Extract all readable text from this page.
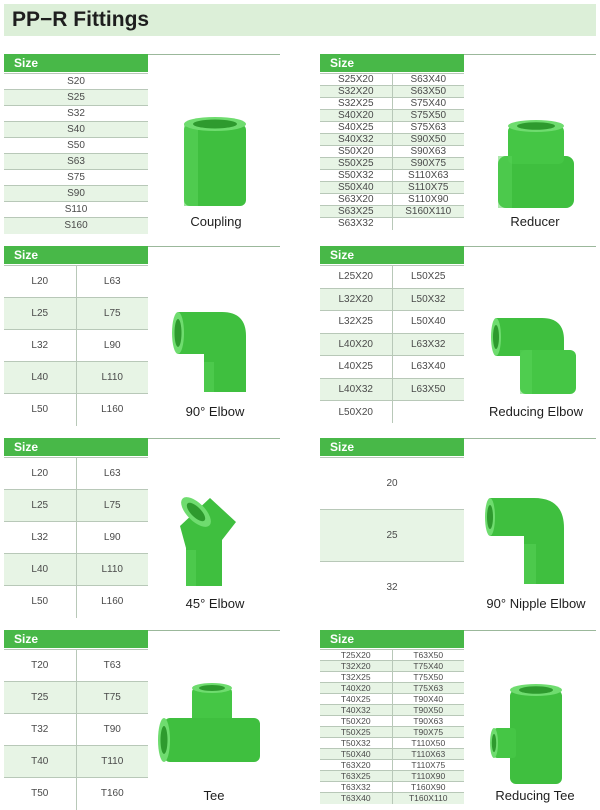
PP−R Fittings
Size
S20
S25
S32
S40
S50
S63
S75
S90
S110
S160	Coupling
Size
S25X20	S63X40
S32X20	S63X50
S32X25	S75X40
S40X20	S75X50
S40X25	S75X63
S40X32	S90X50
S50X20	S90X63
S50X25	S90X75
S50X32	S110X63
S50X40	S110X75
S63X20	S110X90
S63X25	S160X110
S63X32		Reducer
Size
L20	L63
L25	L75
L32	L90
L40	L110
L50	L160	90° Elbow
Size
L25X20	L50X25
L32X20	L50X32
L32X25	L50X40
L40X20	L63X32
L40X25	L63X40
L40X32	L63X50
L50X20		Reducing Elbow
Size
L20	L63
L25	L75
L32	L90
L40	L110
L50	L160	45° Elbow
Size
20
25
32
90° Nipple Elbow
Size
T20	T63
T25	T75
T32	T90
T40	T110
T50	T160	Tee
Size
T25X20	T63X50
T32X20	T75X40
T32X25	T75X50
T40X20	T75X63
T40X25	T90X40
T40X32	T90X50
T50X20	T90X63
T50X25	T90X75
T50X32	T110X50
T50X40	T110X63
T63X20	T110X75
T63X25	T110X90
T63X32	T160X90
T63X40	T160X110	Reducing Tee
